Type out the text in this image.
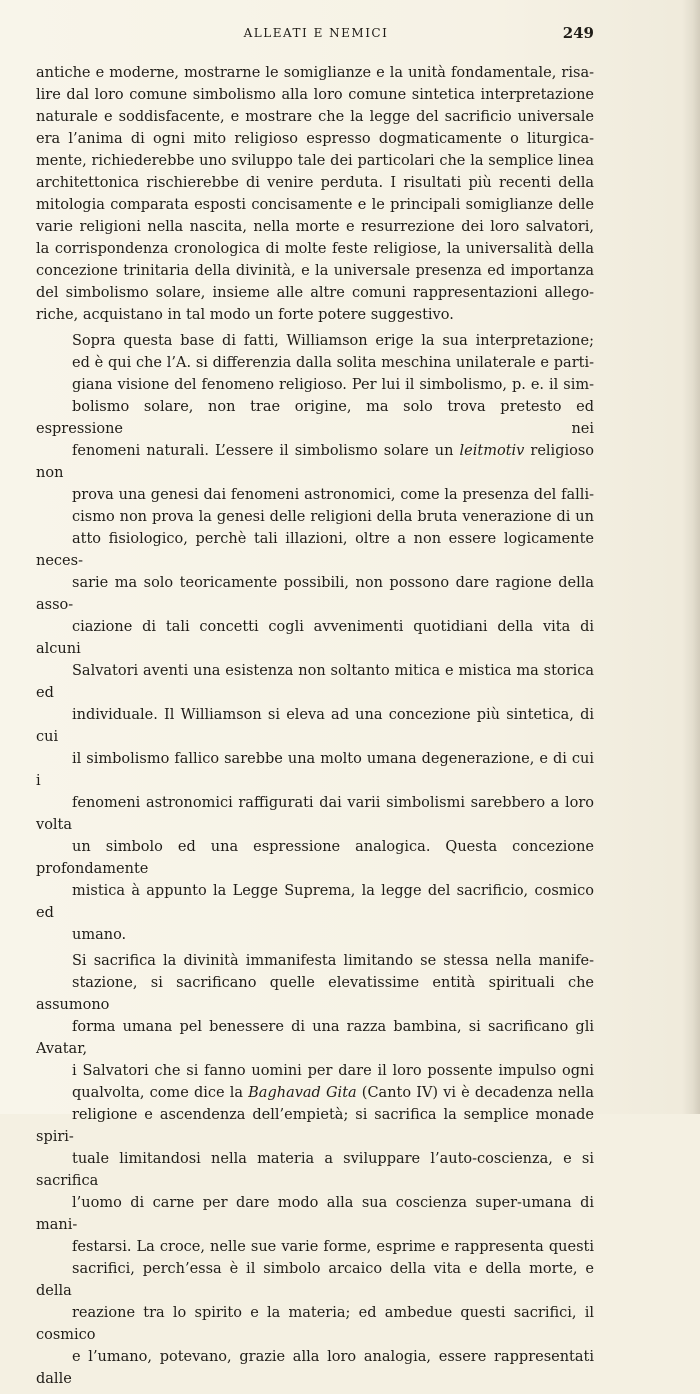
ALLEATI E NEMICI	249
antiche e moderne, mostrarne le somiglianze e la unità fondamentale, risa-
lire dal loro comune simbolismo alla loro comune sintetica interpretazione
naturale e soddisfacente, e mostrare che la legge del sacrificio universale
era l’anima di ogni mito religioso espresso dogmaticamente o liturgica-
mente, richiederebbe uno sviluppo tale dei particolari che la semplice linea
architettonica rischierebbe di venire perduta. I risultati più recenti della
mitologia comparata esposti concisamente e le principali somiglianze delle
varie religioni nella nascita, nella morte e resurrezione dei loro salvatori,
la corrispondenza cronologica di molte feste religiose, la universalità della
concezione trinitaria della divinità, e la universale presenza ed importanza
del simbolismo solare, insieme alle altre comuni rappresentazioni allego-
riche, acquistano in tal modo un forte potere suggestivo.
Sopra questa base di fatti, Williamson erige la sua interpretazione;
ed è qui che l’A. si differenzia dalla solita meschina unilaterale e parti-
giana visione del fenomeno religioso. Per lui il simbolismo, p. e. il sim-
bolismo solare, non trae origine, ma solo trova pretesto ed espressione nei
fenomeni naturali. L’essere il simbolismo solare un leitmotiv religioso non
prova una genesi dai fenomeni astronomici, come la presenza del falli-
cismo non prova la genesi delle religioni della bruta venerazione di un
atto fisiologico, perchè tali illazioni, oltre a non essere logicamente neces-
sarie ma solo teoricamente possibili, non possono dare ragione della asso-
ciazione di tali concetti cogli avvenimenti quotidiani della vita di alcuni
Salvatori aventi una esistenza non soltanto mitica e mistica ma storica ed
individuale. Il Williamson si eleva ad una concezione più sintetica, di cui
il simbolismo fallico sarebbe una molto umana degenerazione, e di cui i
fenomeni astronomici raffigurati dai varii simbolismi sarebbero a loro volta
un simbolo ed una espressione analogica. Questa concezione profondamente
mistica à appunto la Legge Suprema, la legge del sacrificio, cosmico ed
umano.
Si sacrifica la divinità immanifesta limitando se stessa nella manife-
stazione, si sacrificano quelle elevatissime entità spirituali che assumono
forma umana pel benessere di una razza bambina, si sacrificano gli Avatar,
i Salvatori che si fanno uomini per dare il loro possente impulso ogni
qualvolta, come dice la Baghavad Gita (Canto IV) vi è decadenza nella
religione e ascendenza dell’empietà; si sacrifica la semplice monade spiri-
tuale limitandosi nella materia a sviluppare l’auto-coscienza, e si sacrifica
l’uomo di carne per dare modo alla sua coscienza super-umana di mani-
festarsi. La croce, nelle sue varie forme, esprime e rappresenta questi
sacrifici, perch’essa è il simbolo arcaico della vita e della morte, e della
reazione tra lo spirito e la materia; ed ambedue questi sacrifici, il cosmico
e l’umano, potevano, grazie alla loro analogia, essere rappresentati dalle
